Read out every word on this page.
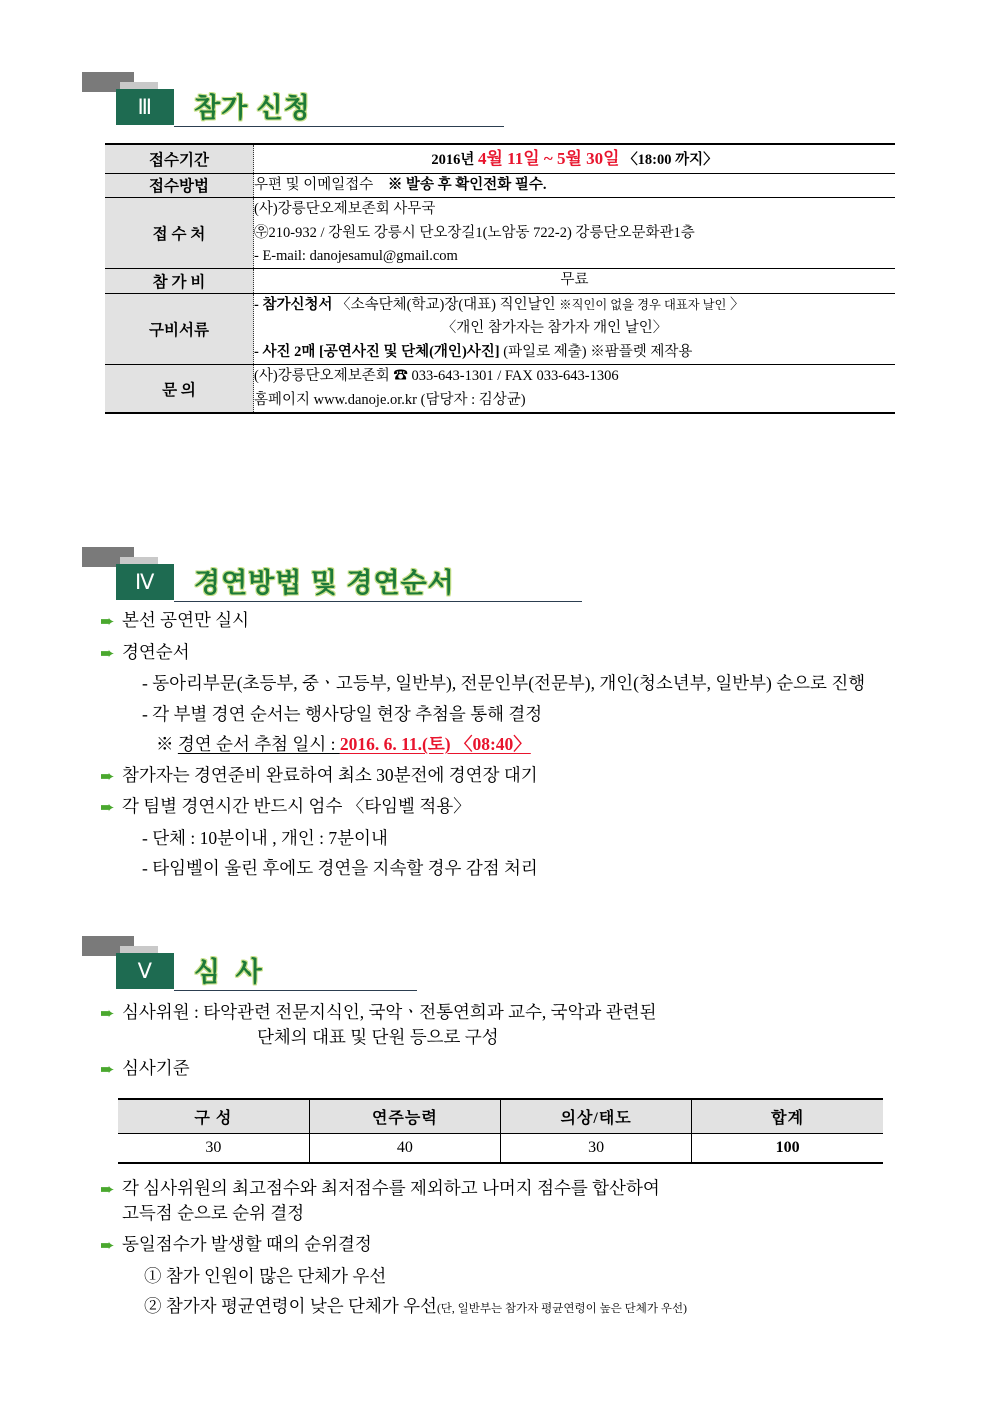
Ⅲ	참가 신청
접수기간	2016년 4월 11일 ~ 5월 30일 〈18:00 까지〉
접수방법	우편 및 이메일접수 ※ 발송 후 확인전화 필수.
접 수 처	(사)강릉단오제보존회 사무국
㉾210-932 / 강원도 강릉시 단오장길1(노암동 722-2) 강릉단오문화관1층
- E-mail: danojesamul@gmail.com

참 가 비	무료
구비서류	- 참가신청서 〈소속단체(학교)장(대표) 직인날인 ※직인이 없을 경우 대표자 날인 〉
〈개인 참가자는 참가자 개인 날인〉
- 사진 2매 [공연사진 및 단체(개인)사진] (파일로 제출) ※팜플렛 제작용

문 의	(사)강릉단오제보존회 ☎ 033-643-1301 / FAX 033-643-1306
홈페이지 www.danoje.or.kr (담당자 : 김상균)
Ⅳ	경연방법 및 경연순서
➨ 본선 공연만 실시
➨ 경연순서
- 동아리부문(초등부, 중ㆍ고등부, 일반부), 전문인부(전문부), 개인(청소년부, 일반부) 순으로 진행
- 각 부별 경연 순서는 행사당일 현장 추첨을 통해 결정
※ 경연 순서 추첨 일시 : 2016. 6. 11.(토) 〈08:40〉
➨ 참가자는 경연준비 완료하여 최소 30분전에 경연장 대기
➨ 각 팀별 경연시간 반드시 엄수 〈타임벨 적용〉
- 단체 : 10분이내 , 개인 : 7분이내
- 타임벨이 울린 후에도 경연을 지속할 경우 감점 처리
Ⅴ	심 사
➨ 심사위원 : 타악관련 전문지식인, 국악ㆍ전통연희과 교수, 국악과 관련된
단체의 대표 및 단원 등으로 구성
➨ 심사기준
구 성	연주능력	의상/태도	합계
30	40	30	100
➨ 각 심사위원의 최고점수와 최저점수를 제외하고 나머지 점수를 합산하여
고득점 순으로 순위 결정
➨ 동일점수가 발생할 때의 순위결정
① 참가 인원이 많은 단체가 우선
② 참가자 평균연령이 낮은 단체가 우선(단, 일반부는 참가자 평균연령이 높은 단체가 우선)
